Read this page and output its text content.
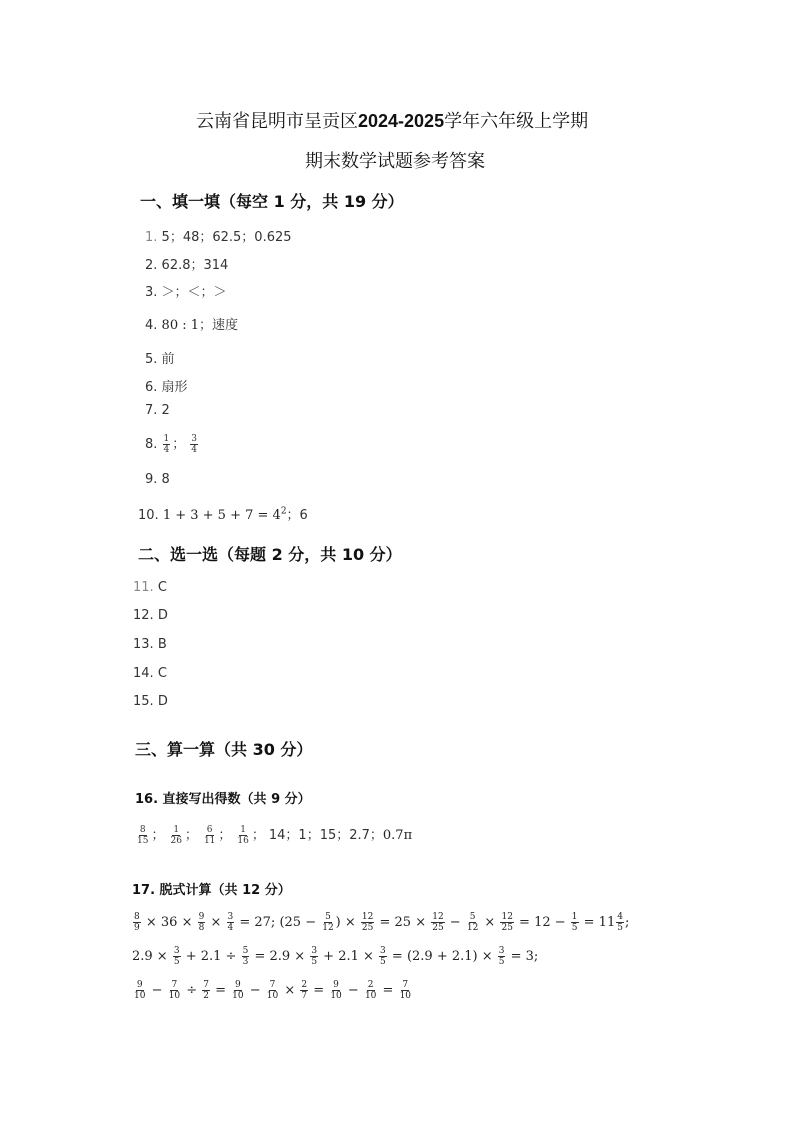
云南省昆明市呈贡区2024-2025学年六年级上学期
期末数学试题参考答案
一、填一填（每空 1 分，共 19 分）
1. 5；48；62.5；0.625
2. 62.8；314
3. ＞；＜；＞
4. 80 : 1；速度
5. 前
6. 扇形
7. 2
8. $\frac{1}{4}$ ； $\frac{3}{4}$
9. 8
10. $1 + 3 + 5 + 7 = 4^2$；6
二、选一选（每题 2 分，共 10 分）
11. C
12. D
13. B
14. C
15. D
三、算一算（共 30 分）
16. 直接写出得数（共 9 分）
$\frac{8}{15}$ ； $\frac{1}{26}$ ； $\frac{6}{11}$ ； $\frac{1}{16}$ ； 14；1；15；2.7；0.7π
17. 脱式计算（共 12 分）
$\frac{8}{9} \times 36 \times \frac{9}{8} \times \frac{3}{4} = 27$; ($25 - \frac{5}{12}$ ) × $\frac{12}{25} = 25 \times \frac{12}{25} - \frac{5}{12} \times \frac{12}{25} = 12 - \frac{1}{5} = 11 \frac{4}{5}$ ;
$2.9 \times \frac{3}{5} + 2.1 \div \frac{5}{3} = 2.9 \times \frac{3}{5} + 2.1 \times \frac{3}{5} = (2.9 + 2.1) \times \frac{3}{5} = 3$;
$\frac{9}{10} - \frac{7}{10} \div \frac{7}{2} = \frac{9}{10} - \frac{7}{10} \times \frac{2}{7} = \frac{9}{10} - \frac{2}{10} = \frac{7}{10}$
